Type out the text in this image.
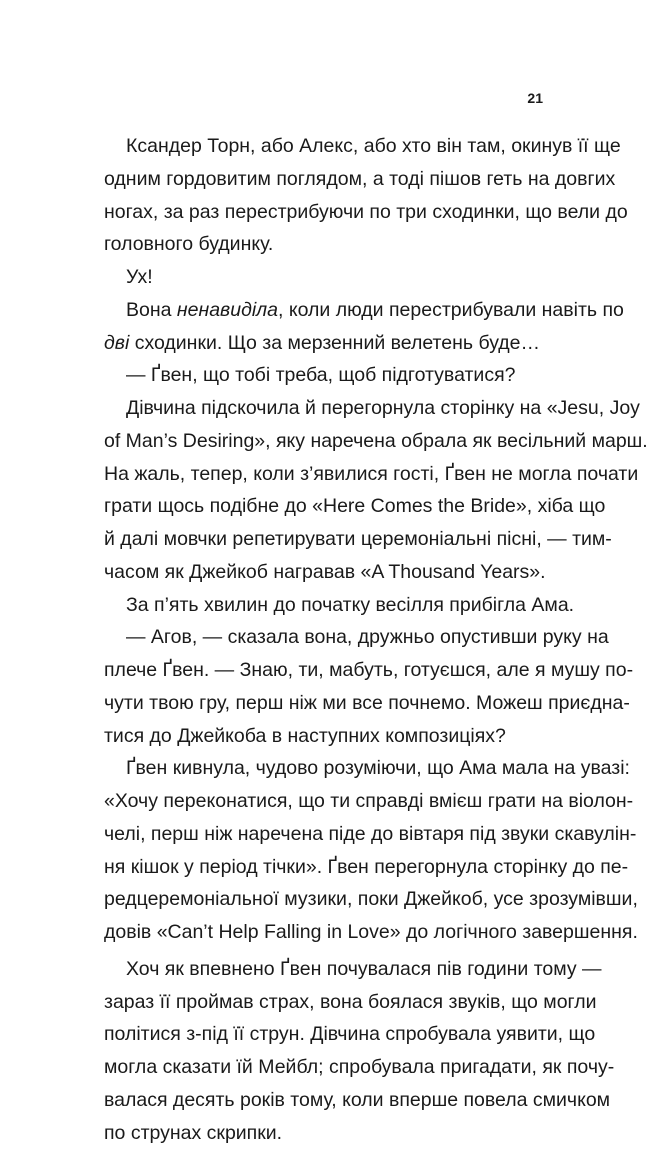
21
Ксандер Торн, або Алекс, або хто він там, окинув її ще
одним гордовитим поглядом, а тоді пішов геть на довгих
ногах, за раз перестрибуючи по три сходинки, що вели до
головного будинку.
Ух!
Вона ненавиділа, коли люди перестрибували навіть по
дві сходинки. Що за мерзенний велетень буде…
— Ґвен, що тобі треба, щоб підготуватися?
Дівчина підскочила й перегорнула сторінку на «Jesu, Joy
of Man’s Desiring», яку наречена обрала як весільний марш.
На жаль, тепер, коли з’явилися гості, Ґвен не могла почати
грати щось подібне до «Here Comes the Bride», хіба що
й далі мовчки репетирувати церемоніальні пісні, — тим-
часом як Джейкоб награвав «A Thousand Years».
За п’ять хвилин до початку весілля прибігла Ама.
— Агов, — сказала вона, дружньо опустивши руку на
плече Ґвен. — Знаю, ти, мабуть, готуєшся, але я мушу по-
чути твою гру, перш ніж ми все почнемо. Можеш приєдна-
тися до Джейкоба в наступних композиціях?
Ґвен кивнула, чудово розуміючи, що Ама мала на увазі:
«Хочу переконатися, що ти справді вмієш грати на віолон-
челі, перш ніж наречена піде до вівтаря під звуки скавулін-
ня кішок у період тічки». Ґвен перегорнула сторінку до пе-
редцеремоніальної музики, поки Джейкоб, усе зрозумівши,
довів «Can’t Help Falling in Love» до логічного завершення.
Хоч як впевнено Ґвен почувалася пів години тому —
зараз її проймав страх, вона боялася звуків, що могли
політися з-під її струн. Дівчина спробувала уявити, що
могла сказати їй Мейбл; спробувала пригадати, як почу-
валася десять років тому, коли вперше повела смичком
по струнах скрипки.
